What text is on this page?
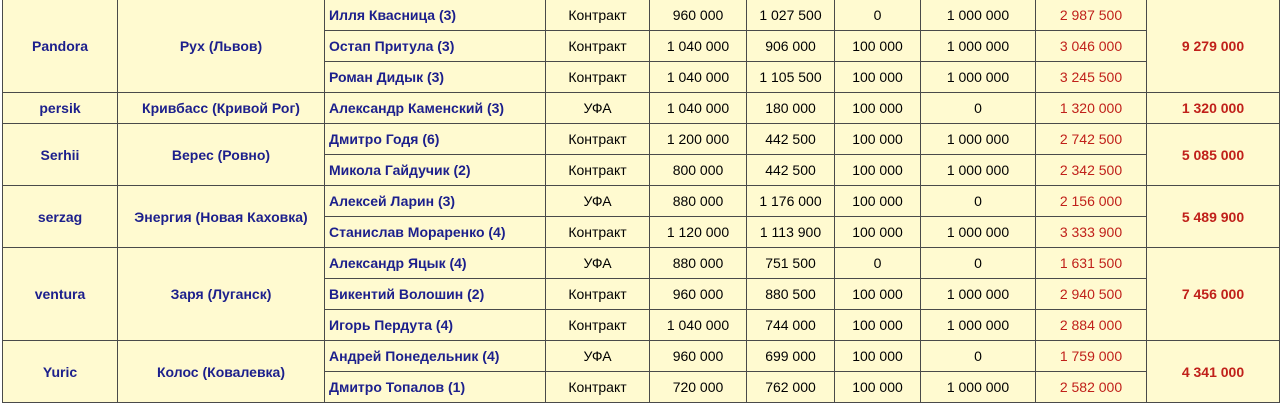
Pandora	Рух (Львов)	Илля Квасница (3)	Контракт	960 000	1 027 500	0	1 000 000	2 987 500	9 279 000
		Остап Притула (3)	Контракт	1 040 000	906 000	100 000	1 000 000	3 046 000	
		Роман Дидык (3)	Контракт	1 040 000	1 105 500	100 000	1 000 000	3 245 500	
persik	Кривбасс (Кривой Рог)	Александр Каменский (3)	УФА	1 040 000	180 000	100 000	0	1 320 000	1 320 000
Serhii	Верес (Ровно)	Дмитро Годя (6)	Контракт	1 200 000	442 500	100 000	1 000 000	2 742 500	5 085 000
		Микола Гайдучик (2)	Контракт	800 000	442 500	100 000	1 000 000	2 342 500	
serzag	Энергия (Новая Каховка)	Алексей Ларин (3)	УФА	880 000	1 176 000	100 000	0	2 156 000	5 489 900
		Станислав Мораренко (4)	Контракт	1 120 000	1 113 900	100 000	1 000 000	3 333 900	
ventura	Заря (Луганск)	Александр Яцык (4)	УФА	880 000	751 500	0	0	1 631 500	7 456 000
		Викентий Волошин (2)	Контракт	960 000	880 500	100 000	1 000 000	2 940 500	
		Игорь Пердута (4)	Контракт	1 040 000	744 000	100 000	1 000 000	2 884 000	
Yuric	Колос (Ковалевка)	Андрей Понедельник (4)	УФА	960 000	699 000	100 000	0	1 759 000	4 341 000
		Дмитро Топалов (1)	Контракт	720 000	762 000	100 000	1 000 000	2 582 000	
